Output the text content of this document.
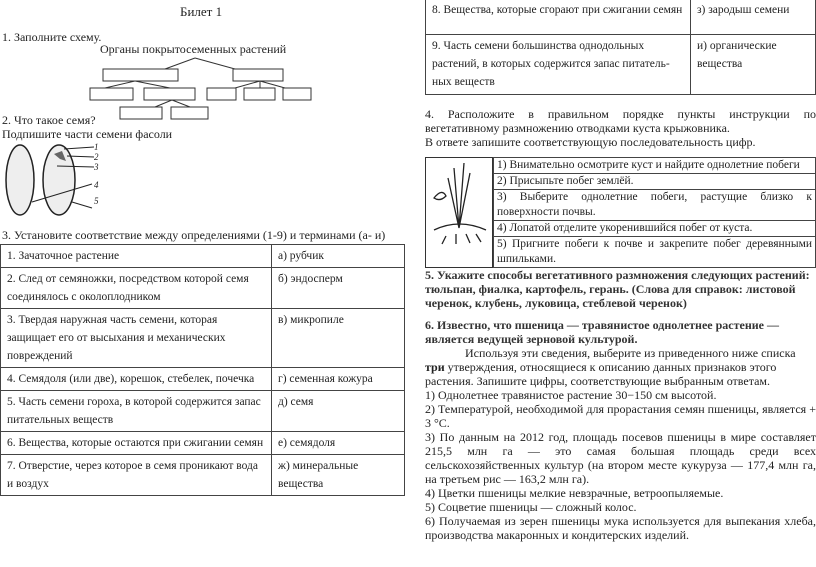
Билет 1
1. Заполните схему.
Органы покрытосеменных растений
2. Что такое семя?
Подпишите части семени фасоли
1
2
3
4
5
3. Установите соответствие между определениями (1-9) и терминами (а- и)
1. Зачаточное растение	а) рубчик
2. След от семяножки, посредством которой семя соединялось с околоплодником	б) эндосперм
3. Твердая наружная часть семени, которая защищает его от высыхания и механических повреждений	в) микропиле
4. Семядоля (или две), корешок, стебелек, почечка	г) семенная кожура
5. Часть семени гороха, в которой содержится запас питательных веществ	д) семя
6. Вещества, которые остаются при сжигании семян	е) семядоля
7. Отверстие, через которое в семя проникают вода и воздух	ж) минеральные вещества
8. Вещества, которые сгорают при сжигании семян	з) зародыш семени
9. Часть семени большинства однодольных растений, в которых содержится запас питатель-ных веществ	и) органические вещества
4. Расположите в правильном порядке пункты инструкции по вегетативному размножению отводками куста крыжовника.
В ответе запишите соответствующую последовательность цифр.
1) Внимательно осмотрите куст и найдите однолетние побеги
2) Присыпьте побег землёй.
3) Выберите однолетние побеги, растущие близко к поверхности почвы.
4) Лопатой отделите укоренившийся побег от куста.
5) Пригните побеги к почве и закрепите побег деревянными шпильками.
5. Укажите способы вегетативного размножения следующих растений: тюльпан, фиалка, картофель, герань. (Слова для справок: листовой черенок, клубень, луковица, стеблевой черенок)
6. Известно, что пшеница — травянистое однолетнее растение — является ведущей зерновой культурой.
Используя эти сведения, выберите из приведенного ниже списка три утверждения, относящиеся к описанию данных признаков этого растения. Запишите цифры, соответствующие выбранным ответам.
1) Однолетнее травянистое растение 30−150 см высотой.
2) Температурой, необходимой для прорастания семян пшеницы, является + 3 °С.
3) По данным на 2012 год, площадь посевов пшеницы в мире составляет 215,5 млн га — это самая большая площадь среди всех сельскохозяйственных культур (на втором месте кукуруза — 177,4 млн га, на третьем рис — 163,2 млн га).
4) Цветки пшеницы мелкие невзрачные, ветроопыляемые.
5) Соцветие пшеницы — сложный колос.
6) Получаемая из зерен пшеницы мука используется для выпекания хлеба, производства макаронных и кондитерских изделий.
